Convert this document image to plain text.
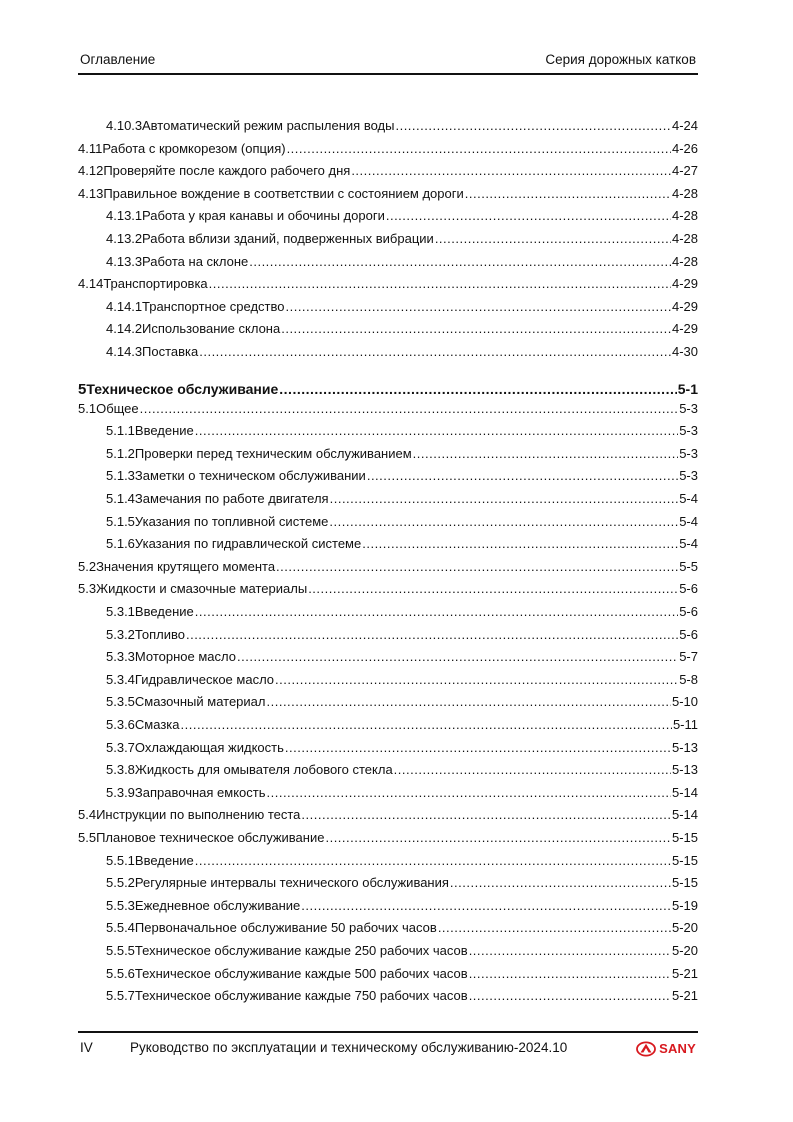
Оглавление	Серия дорожных катков
4.10.3 Автоматический режим распыления воды .....	4-24
4.11 Работа с кромкорезом (опция) .....	4-26
4.12 Проверяйте после каждого рабочего дня .....	4-27
4.13 Правильное вождение в соответствии с состоянием дороги .....	4-28
4.13.1 Работа у края канавы и обочины дороги .....	4-28
4.13.2 Работа вблизи зданий, подверженных вибрации .....	4-28
4.13.3 Работа на склоне .....	4-28
4.14 Транспортировка .....	4-29
4.14.1 Транспортное средство .....	4-29
4.14.2 Использование склона .....	4-29
4.14.3 Поставка .....	4-30
5 Техническое обслуживание .....	5-1
5.1 Общее .....	5-3
5.1.1 Введение .....	5-3
5.1.2 Проверки перед техническим обслуживанием .....	5-3
5.1.3 Заметки о техническом обслуживании .....	5-3
5.1.4 Замечания по работе двигателя .....	5-4
5.1.5 Указания по топливной системе .....	5-4
5.1.6 Указания по гидравлической системе .....	5-4
5.2 Значения крутящего момента .....	5-5
5.3 Жидкости и смазочные материалы .....	5-6
5.3.1 Введение .....	5-6
5.3.2 Топливо .....	5-6
5.3.3 Моторное масло .....	5-7
5.3.4 Гидравлическое масло .....	5-8
5.3.5 Смазочный материал .....	5-10
5.3.6 Смазка .....	5-11
5.3.7 Охлаждающая жидкость .....	5-13
5.3.8 Жидкость для омывателя лобового стекла .....	5-13
5.3.9 Заправочная емкость .....	5-14
5.4 Инструкции по выполнению теста .....	5-14
5.5 Плановое техническое обслуживание .....	5-15
5.5.1 Введение .....	5-15
5.5.2 Регулярные интервалы технического обслуживания .....	5-15
5.5.3 Ежедневное обслуживание .....	5-19
5.5.4 Первоначальное обслуживание 50 рабочих часов .....	5-20
5.5.5 Техническое обслуживание каждые 250 рабочих часов .....	5-20
5.5.6 Техническое обслуживание каждые 500 рабочих часов .....	5-21
5.5.7 Техническое обслуживание каждые 750 рабочих часов .....	5-21
IV	Руководство по эксплуатации и техническому обслуживанию-2024.10	SANY
